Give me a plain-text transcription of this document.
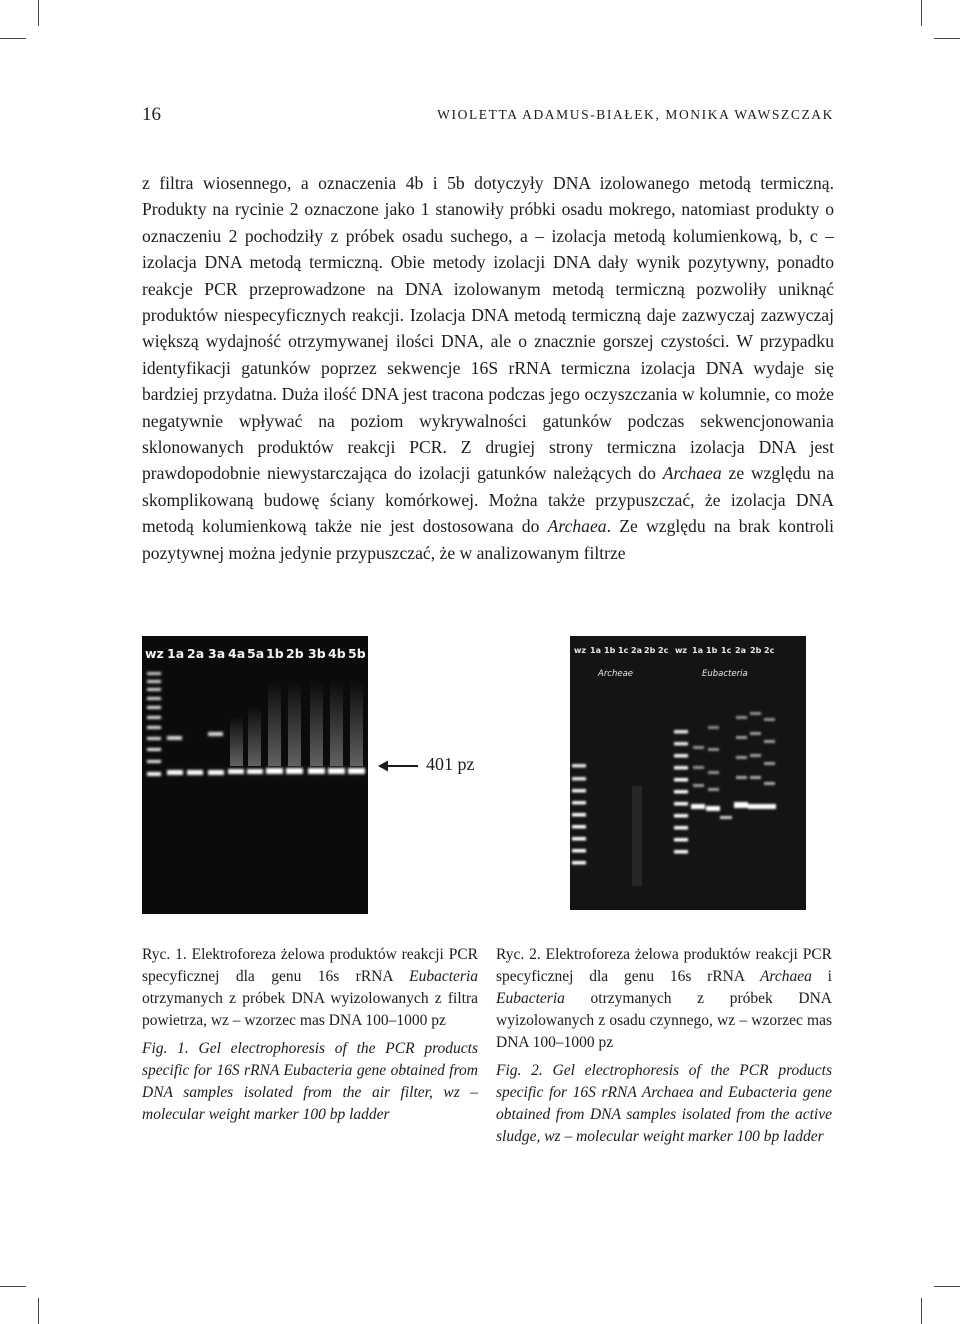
16	WIOLETTA ADAMUS-BIAŁEK, MONIKA WAWSZCZAK

z filtra wiosennego, a oznaczenia 4b i 5b dotyczyły DNA izolowanego metodą termiczną. Produkty na rycinie 2 oznaczone jako 1 stanowiły próbki osadu mokrego, natomiast produkty o oznaczeniu 2 pochodziły z próbek osadu suchego, a – izolacja metodą kolumienkową, b, c – izolacja DNA metodą termiczną. Obie metody izolacji DNA dały wynik pozytywny, ponadto reakcje PCR przeprowadzone na DNA izolowanym metodą termiczną pozwoliły uniknąć produktów niespecyficznych reakcji. Izolacja DNA metodą termiczną daje zazwyczaj zazwyczaj większą wydajność otrzymywanej ilości DNA, ale o znacznie gorszej czystości. W przypadku identyfikacji gatunków poprzez sekwencje 16S rRNA termiczna izolacja DNA wydaje się bardziej przydatna. Duża ilość DNA jest tracona podczas jego oczyszczania w kolumnie, co może negatywnie wpływać na poziom wykrywalności gatunków podczas sekwencjonowania sklonowanych produktów reakcji PCR. Z drugiej strony termiczna izolacja DNA jest prawdopodobnie niewystarczająca do izolacji gatunków należących do Archaea ze względu na skomplikowaną budowę ściany komórkowej. Można także przypuszczać, że izolacja DNA metodą kolumienkową także nie jest dostosowana do Archaea. Ze względu na brak kontroli pozytywnej można jedynie przypuszczać, że w analizowanym filtrze

wz 1a 2a 3a 4a 5a 1b 2b 3b 4b 5b
401 pz
wz 1a 1b 1c 2a 2b 2c wz 1a 1b 1c 2a 2b 2c
Archeae	Eubacteria

Ryc. 1. Elektroforeza żelowa produktów reakcji PCR specyficznej dla genu 16s rRNA Eubacteria otrzymanych z próbek DNA wyizolowanych z filtra powietrza, wz – wzorzec mas DNA 100–1000 pz

Fig. 1. Gel electrophoresis of the PCR products specific for 16S rRNA Eubacteria gene obtained from DNA samples isolated from the air filter, wz – molecular weight marker 100 bp ladder

Ryc. 2. Elektroforeza żelowa produktów reakcji PCR specyficznej dla genu 16s rRNA Archaea i Eubacteria otrzymanych z próbek DNA wyizolowanych z osadu czynnego, wz – wzorzec mas DNA 100–1000 pz

Fig. 2. Gel electrophoresis of the PCR products specific for 16S rRNA Archaea and Eubacteria gene obtained from DNA samples isolated from the active sludge, wz – molecular weight marker 100 bp ladder
